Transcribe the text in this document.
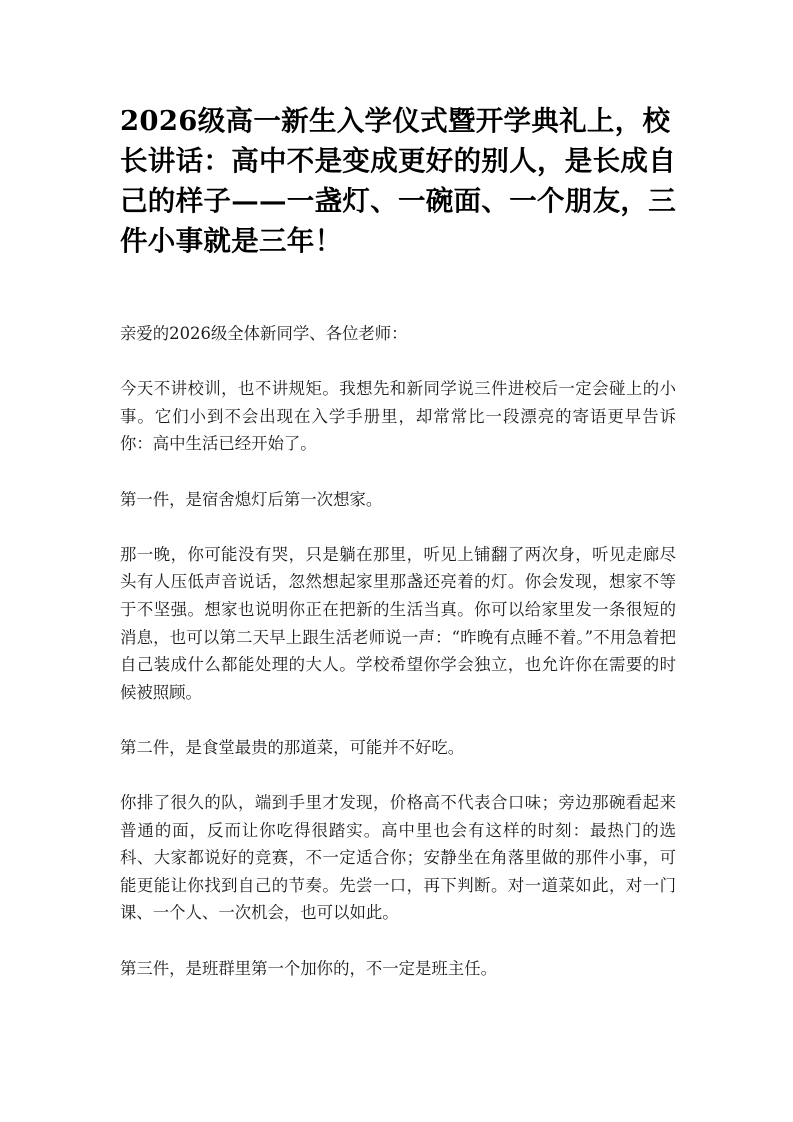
2026级高一新生入学仪式暨开学典礼上，校长讲话：高中不是变成更好的别人，是长成自己的样子——一盏灯、一碗面、一个朋友，三件小事就是三年！

亲爱的2026级全体新同学、各位老师：

今天不讲校训，也不讲规矩。我想先和新同学说三件进校后一定会碰上的小事。它们小到不会出现在入学手册里，却常常比一段漂亮的寄语更早告诉你：高中生活已经开始了。

第一件，是宿舍熄灯后第一次想家。

那一晚，你可能没有哭，只是躺在那里，听见上铺翻了两次身，听见走廊尽头有人压低声音说话，忽然想起家里那盏还亮着的灯。你会发现，想家不等于不坚强。想家也说明你正在把新的生活当真。你可以给家里发一条很短的消息，也可以第二天早上跟生活老师说一声：“昨晚有点睡不着。”不用急着把自己装成什么都能处理的大人。学校希望你学会独立，也允许你在需要的时候被照顾。

第二件，是食堂最贵的那道菜，可能并不好吃。

你排了很久的队，端到手里才发现，价格高不代表合口味；旁边那碗看起来普通的面，反而让你吃得很踏实。高中里也会有这样的时刻：最热门的选科、大家都说好的竞赛，不一定适合你；安静坐在角落里做的那件小事，可能更能让你找到自己的节奏。先尝一口，再下判断。对一道菜如此，对一门课、一个人、一次机会，也可以如此。

第三件，是班群里第一个加你的，不一定是班主任。
